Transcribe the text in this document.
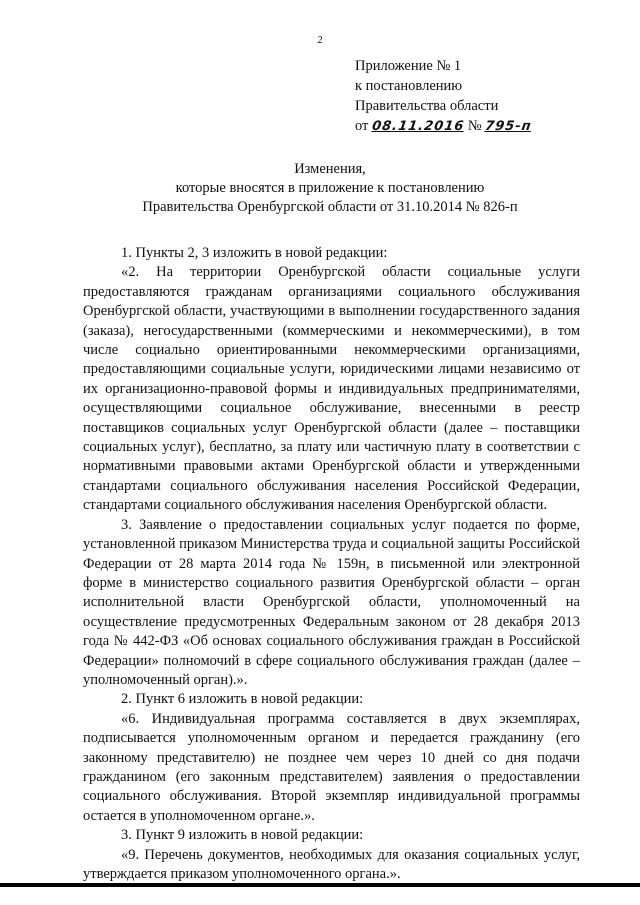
2
Приложение № 1
к постановлению
Правительства области
от 08.11.2016 № 795-п
Изменения,
которые вносятся в приложение к постановлению
Правительства Оренбургской области от 31.10.2014 № 826-п

1. Пункты 2, 3 изложить в новой редакции:

«2. На территории Оренбургской области социальные услуги предоставляются гражданам организациями социального обслуживания Оренбургской области, участвующими в выполнении государственного задания (заказа), негосударственными (коммерческими и некоммерческими), в том числе социально ориентированными некоммерческими организациями, предоставляющими социальные услуги, юридическими лицами независимо от их организационно-правовой формы и индивидуальных предпринимателями, осуществляющими социальное обслуживание, внесенными в реестр поставщиков социальных услуг Оренбургской области (далее – поставщики социальных услуг), бесплатно, за плату или частичную плату в соответствии с нормативными правовыми актами Оренбургской области и утвержденными стандартами социального обслуживания населения Российской Федерации, стандартами социального обслуживания населения Оренбургской области.

3. Заявление о предоставлении социальных услуг подается по форме, установленной приказом Министерства труда и социальной защиты Российской Федерации от 28 марта 2014 года № 159н, в письменной или электронной форме в министерство социального развития Оренбургской области – орган исполнительной власти Оренбургской области, уполномоченный на осуществление предусмотренных Федеральным законом от 28 декабря 2013 года № 442-ФЗ «Об основах социального обслуживания граждан в Российской Федерации» полномочий в сфере социального обслуживания граждан (далее – уполномоченный орган).».

2. Пункт 6 изложить в новой редакции:

«6. Индивидуальная программа составляется в двух экземплярах, подписывается уполномоченным органом и передается гражданину (его законному представителю) не позднее чем через 10 дней со дня подачи гражданином (его законным представителем) заявления о предоставлении социального обслуживания. Второй экземпляр индивидуальной программы остается в уполномоченном органе.».

3. Пункт 9 изложить в новой редакции:

«9. Перечень документов, необходимых для оказания социальных услуг, утверждается приказом уполномоченного органа.».
